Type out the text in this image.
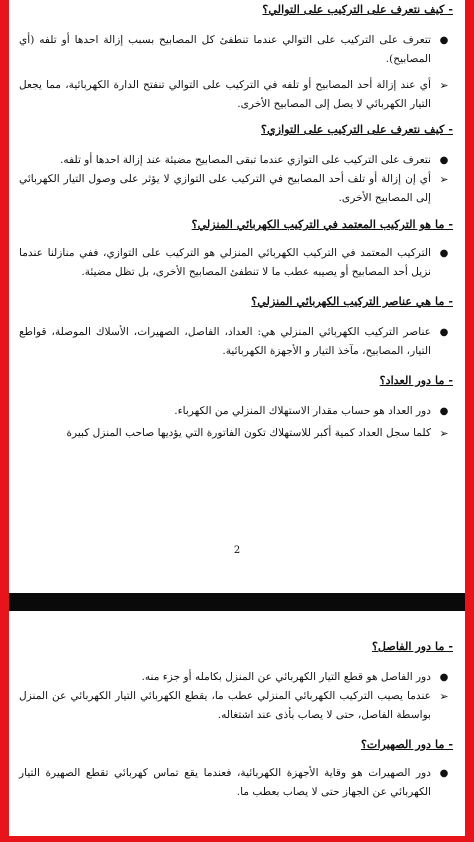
- كيف نتعرف على التركيب على التوالي؟

●
تتعرف على التركيب على التوالي عندما تنطفئ كل المصابيح بسبب إزالة احدها أو تلفه (أي المصابيح).

➢
أي عند إزالة أحد المصابيح أو تلفه في التركيب على التوالي تنفتح الدارة الكهربائية، مما يجعل التيار الكهربائي لا يصل إلى المصابيح الأخرى.

- كيف نتعرف على التركيب على التوازي؟

●
نتعرف على التركيب على التوازي عندما تبقى المصابيح مضيئة عند إزالة احدها أو تلفه.

➢
أي إن إزالة أو تلف أحد المصابيح في التركيب على التوازي لا يؤثر على وصول التيار الكهربائي إلى المصابيح الأخرى.

- ما هو التركيب المعتمد في التركيب الكهربائي المنزلي؟

●
التركيب المعتمد في التركيب الكهربائي المنزلي هو التركيب على التوازي، ففي منازلنا عندما نزيل أحد المصابيح أو يصيبه عطب ما لا تنطفئ المصابيح الأخرى، بل تظل مضيئة.

- ما هي عناصر التركيب الكهربائي المنزلي؟

●
عناصر التركيب الكهربائي المنزلي هي: العداد، الفاصل، الصهيرات، الأسلاك الموصلة، قواطع التيار، المصابيح، مآخذ التيار و الأجهزة الكهربائية.

- ما دور العداد؟

●
دور العداد هو حساب مقدار الاستهلاك المنزلي من الكهرباء.

➢
كلما سجل العداد كمية أكبر للاستهلاك تكون الفاتورة التي يؤديها صاحب المنزل كبيرة

2

- ما دور الفاصل؟

●
دور الفاصل هو قطع التيار الكهربائي عن المنزل بكامله أو جزء منه.

➢
عندما يصيب التركيب الكهربائي المنزلي عطب ما، يقطع الكهربائي التيار الكهربائي عن المنزل بواسطة الفاصل، حتى لا يصاب بأذى عند اشتغاله.

- ما دور الصهيرات؟

●
دور الصهيرات هو وقاية الأجهزة الكهربائية، فعندما يقع تماس كهربائي تقطع الصهيرة التيار الكهربائي عن الجهاز حتى لا يصاب بعطب ما.
